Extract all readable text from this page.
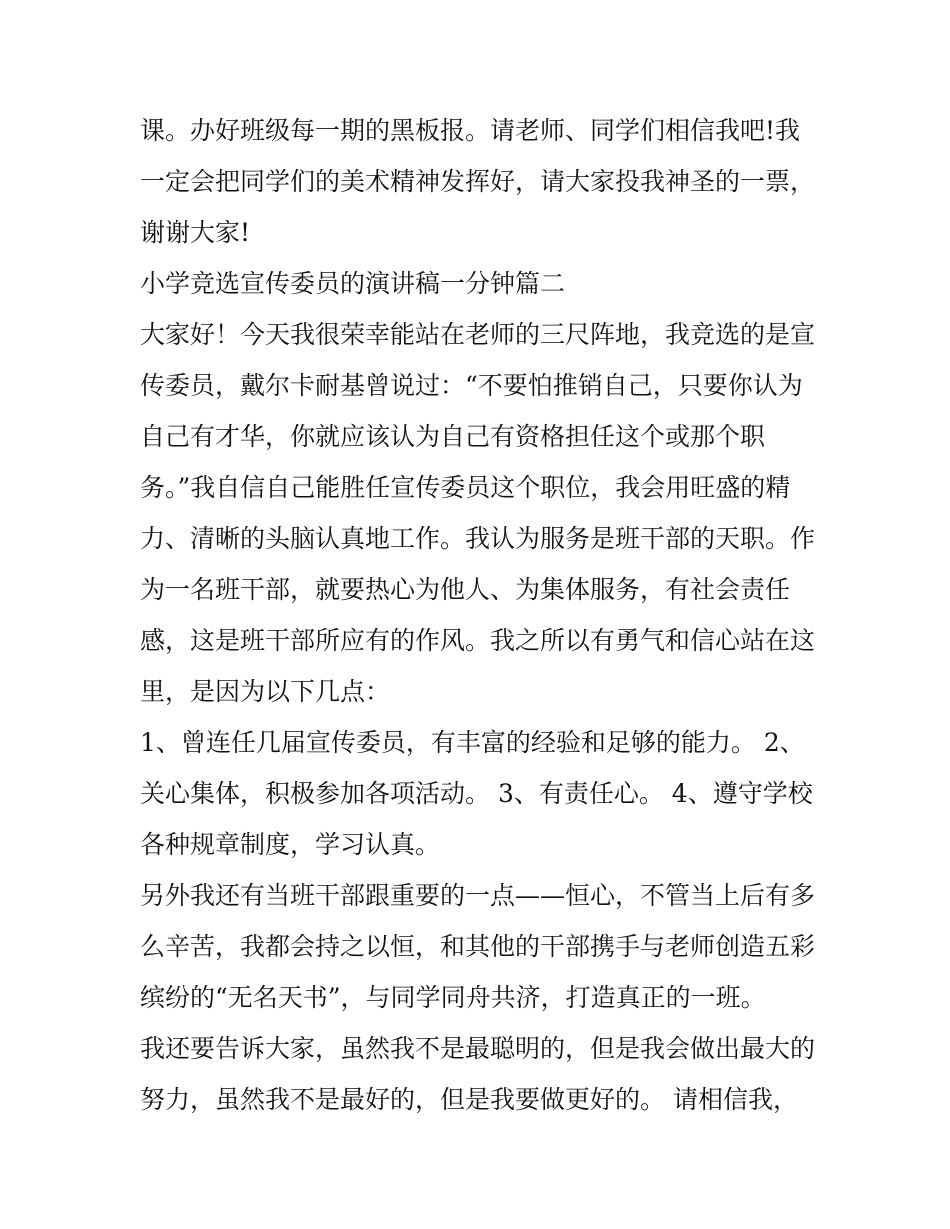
课。办好班级每一期的黑板报。请老师、同学们相信我吧!我
一定会把同学们的美术精神发挥好，请大家投我神圣的一票，
谢谢大家!
小学竞选宣传委员的演讲稿一分钟篇二
大家好！今天我很荣幸能站在老师的三尺阵地，我竞选的是宣
传委员，戴尔卡耐基曾说过：“不要怕推销自己，只要你认为
自己有才华，你就应该认为自己有资格担任这个或那个职
务。”我自信自己能胜任宣传委员这个职位，我会用旺盛的精
力、清晰的头脑认真地工作。我认为服务是班干部的天职。作
为一名班干部，就要热心为他人、为集体服务，有社会责任
感，这是班干部所应有的作风。我之所以有勇气和信心站在这
里，是因为以下几点：
1、曾连任几届宣传委员，有丰富的经验和足够的能力。 2、
关心集体，积极参加各项活动。 3、有责任心。 4、遵守学校
各种规章制度，学习认真。
另外我还有当班干部跟重要的一点——恒心，不管当上后有多
么辛苦，我都会持之以恒，和其他的干部携手与老师创造五彩
缤纷的“无名天书”，与同学同舟共济，打造真正的一班。
我还要告诉大家，虽然我不是最聪明的，但是我会做出最大的
努力，虽然我不是最好的，但是我要做更好的。 请相信我，
